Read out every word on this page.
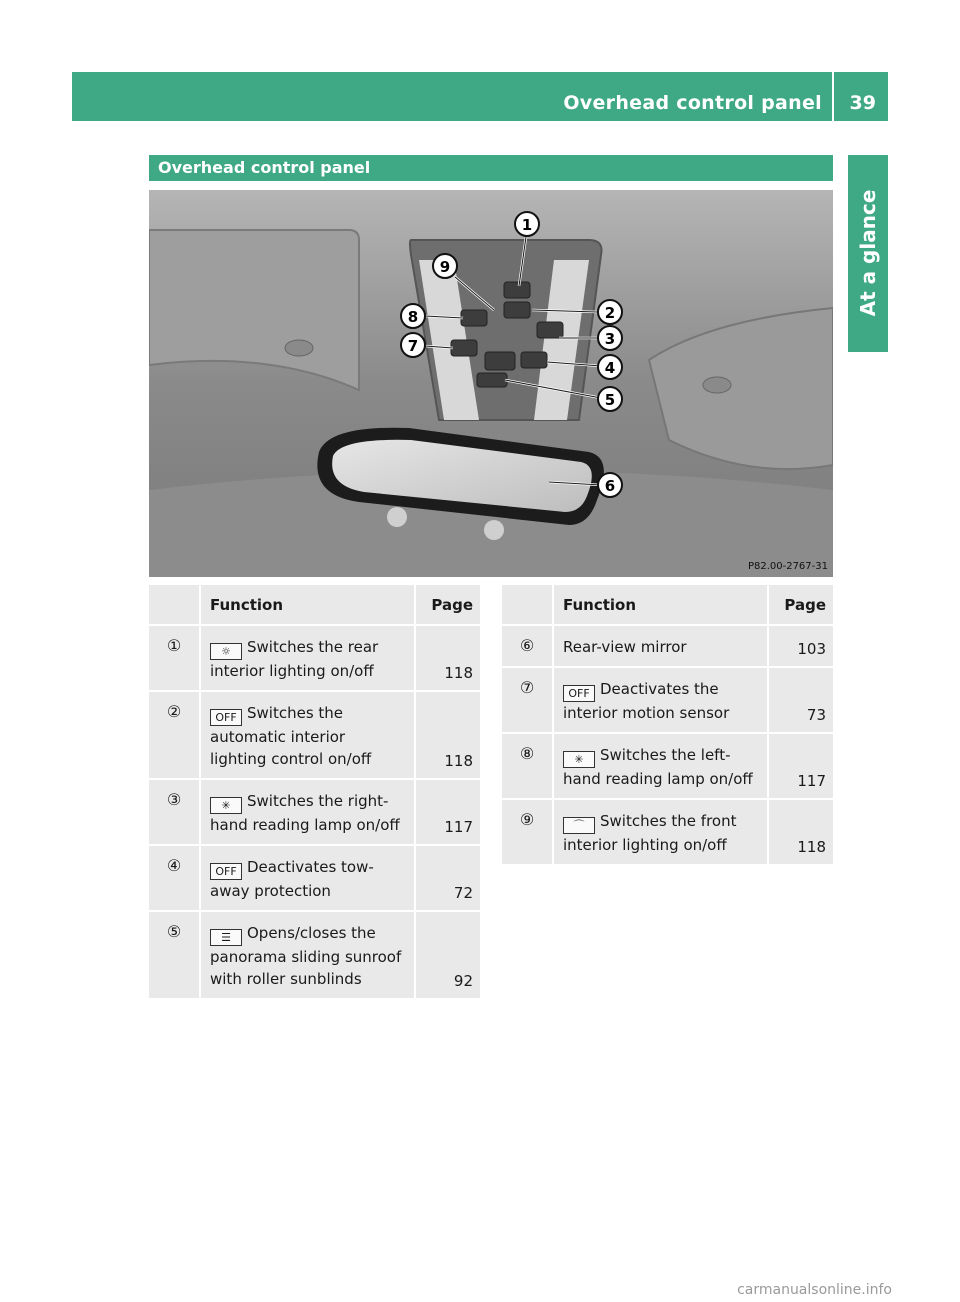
Overhead control panel 39
At a glance
Overhead control panel
1
2
3
4
5
6
7
8
9
P82.00-2767-31
	Function	Page
①	☼ Switches the rear interior lighting on/off	118
②	OFF Switches the automatic interior lighting control on/off	118
③	✳ Switches the right-hand reading lamp on/off	117
④	OFF Deactivates tow-away protection	72
⑤	☰ Opens/closes the panorama sliding sunroof with roller sunblinds	92
	Function	Page
⑥	Rear-view mirror	103
⑦	OFF Deactivates the interior motion sensor	73
⑧	✳ Switches the left-hand reading lamp on/off	117
⑨	⌒ Switches the front interior lighting on/off	118
carmanualsonline.info
